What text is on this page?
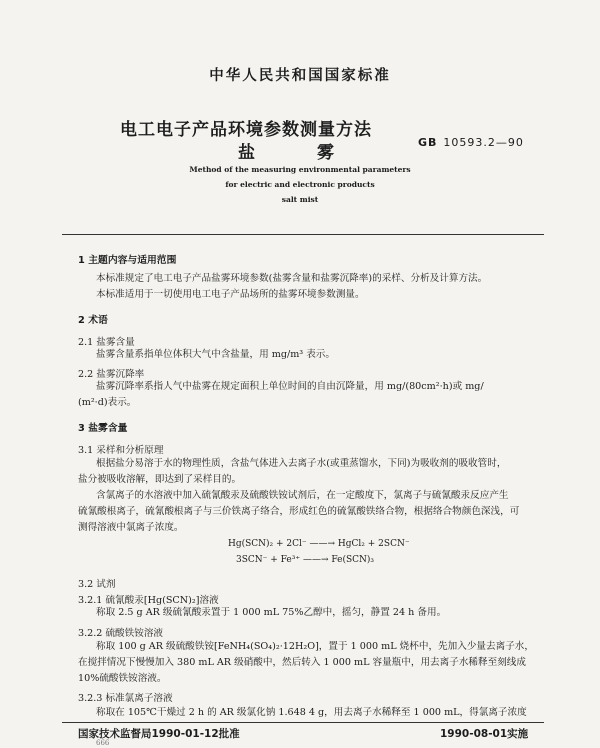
中华人民共和国国家标准
电工电子产品环境参数测量方法
盐 雾
GB 10593.2—90
Method of the measuring environmental parameters
for electric and electronic products
salt mist
1 主题内容与适用范围
本标准规定了电工电子产品盐雾环境参数(盐雾含量和盐雾沉降率)的采样、分析及计算方法。
本标准适用于一切使用电工电子产品场所的盐雾环境参数测量。
2 术语
2.1 盐雾含量
盐雾含量系指单位体积大气中含盐量，用 mg/m³ 表示。
2.2 盐雾沉降率
盐雾沉降率系指人气中盐雾在规定面积上单位时间的自由沉降量，用 mg/(80cm²·h)或 mg/
(m²·d)表示。
3 盐雾含量
3.1 采样和分析原理
根据盐分易溶于水的物理性质，含盐气体进入去离子水(或重蒸馏水，下同)为吸收剂的吸收管时，
盐分被吸收溶解，即达到了采样目的。
含氯离子的水溶液中加入硫氰酸汞及硫酸铁铵试剂后，在一定酸度下，氯离子与硫氰酸汞反应产生
硫氰酸根离子，硫氰酸根离子与三价铁离子络合，形成红色的硫氰酸铁络合物，根据络合物颜色深浅，可
测得溶液中氯离子浓度。
Hg(SCN)₂ + 2Cl⁻ ——→ HgCl₂ + 2SCN⁻
3SCN⁻ + Fe³⁺ ——→ Fe(SCN)₃
3.2 试剂
3.2.1 硫氰酸汞[Hg(SCN)₂]溶液
称取 2.5 g AR 级硫氰酸汞置于 1 000 mL 75%乙醇中，摇匀，静置 24 h 备用。
3.2.2 硫酸铁铵溶液
称取 100 g AR 级硫酸铁铵[FeNH₄(SO₄)₂·12H₂O]，置于 1 000 mL 烧杯中，先加入少量去离子水，
在搅拌情况下慢慢加入 380 mL AR 级硝酸中，然后转入 1 000 mL 容量瓶中，用去离子水稀释至刻线成
10%硫酸铁铵溶液。
3.2.3 标准氯离子溶液
称取在 105℃干燥过 2 h 的 AR 级氯化钠 1.648 4 g，用去离子水稀释至 1 000 mL，得氯离子浓度
国家技术监督局1990-01-12批准	1990-08-01实施
666
